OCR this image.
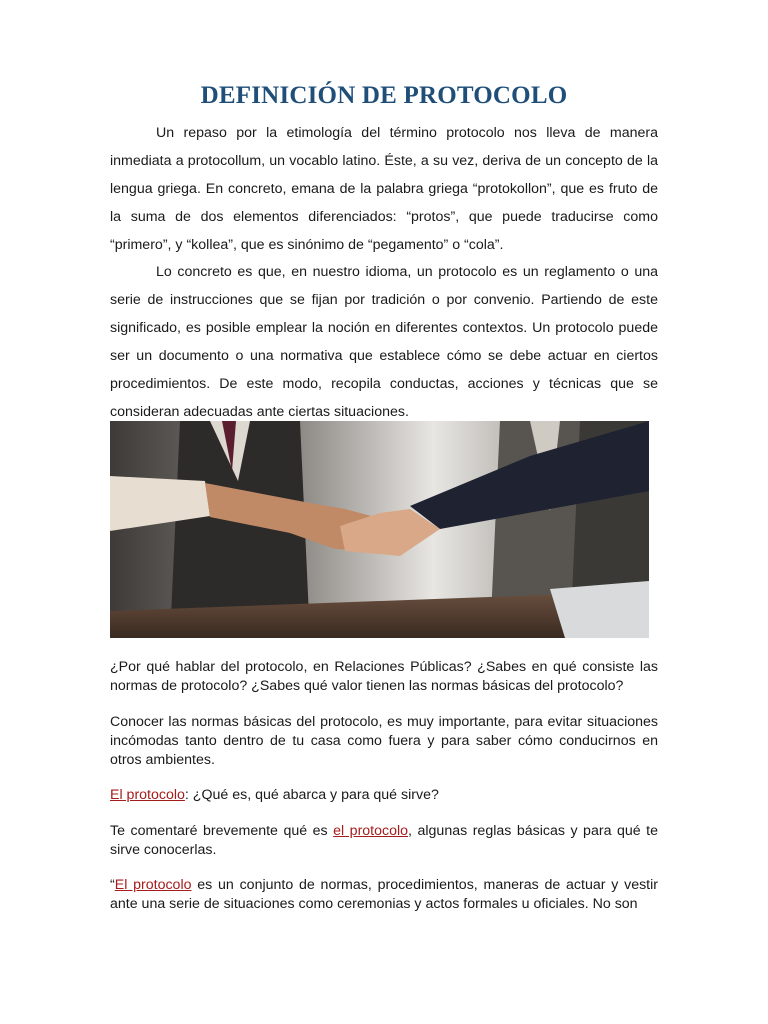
DEFINICIÓN DE PROTOCOLO

Un repaso por la etimología del término protocolo nos lleva de manera inmediata a protocollum, un vocablo latino. Éste, a su vez, deriva de un concepto de la lengua griega. En concreto, emana de la palabra griega “protokollon”, que es fruto de la suma de dos elementos diferenciados: “protos”, que puede traducirse como “primero”, y “kollea”, que es sinónimo de “pegamento” o “cola”.

Lo concreto es que, en nuestro idioma, un protocolo es un reglamento o una serie de instrucciones que se fijan por tradición o por convenio. Partiendo de este significado, es posible emplear la noción en diferentes contextos. Un protocolo puede ser un documento o una normativa que establece cómo se debe actuar en ciertos procedimientos. De este modo, recopila conductas, acciones y técnicas que se consideran adecuadas ante ciertas situaciones.

¿Por qué hablar del protocolo, en Relaciones Públicas? ¿Sabes en qué consiste las normas de protocolo? ¿Sabes qué valor tienen las normas básicas del protocolo?

Conocer las normas básicas del protocolo, es muy importante, para evitar situaciones incómodas tanto dentro de tu casa como fuera y para saber cómo conducirnos en otros ambientes.

El protocolo: ¿Qué es, qué abarca y para qué sirve?

Te comentaré brevemente qué es el protocolo, algunas reglas básicas y para qué te sirve conocerlas.

“El protocolo es un conjunto de normas, procedimientos, maneras de actuar y vestir ante una serie de situaciones como ceremonias y actos formales u oficiales. No son
